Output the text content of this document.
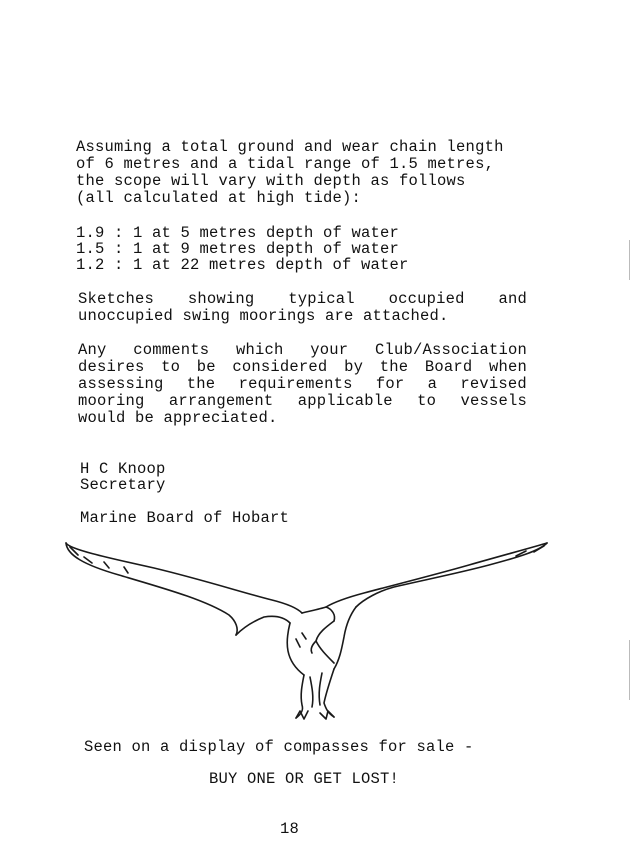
Assuming a total ground and wear chain length
of 6 metres and a tidal range of 1.5 metres,
the scope will vary with depth as follows
(all calculated at high tide):
1.9 : 1 at 5 metres depth of water
1.5 : 1 at 9 metres depth of water
1.2 : 1 at 22 metres depth of water
Sketches showing typical occupied and
unoccupied swing moorings are attached.
Any comments which your Club/Association
desires to be considered by the Board when
assessing the requirements for a revised
mooring arrangement applicable to vessels
would be appreciated.
H C Knoop
Secretary
Marine Board of Hobart
Seen on a display of compasses for sale -
BUY ONE OR GET LOST!
18
